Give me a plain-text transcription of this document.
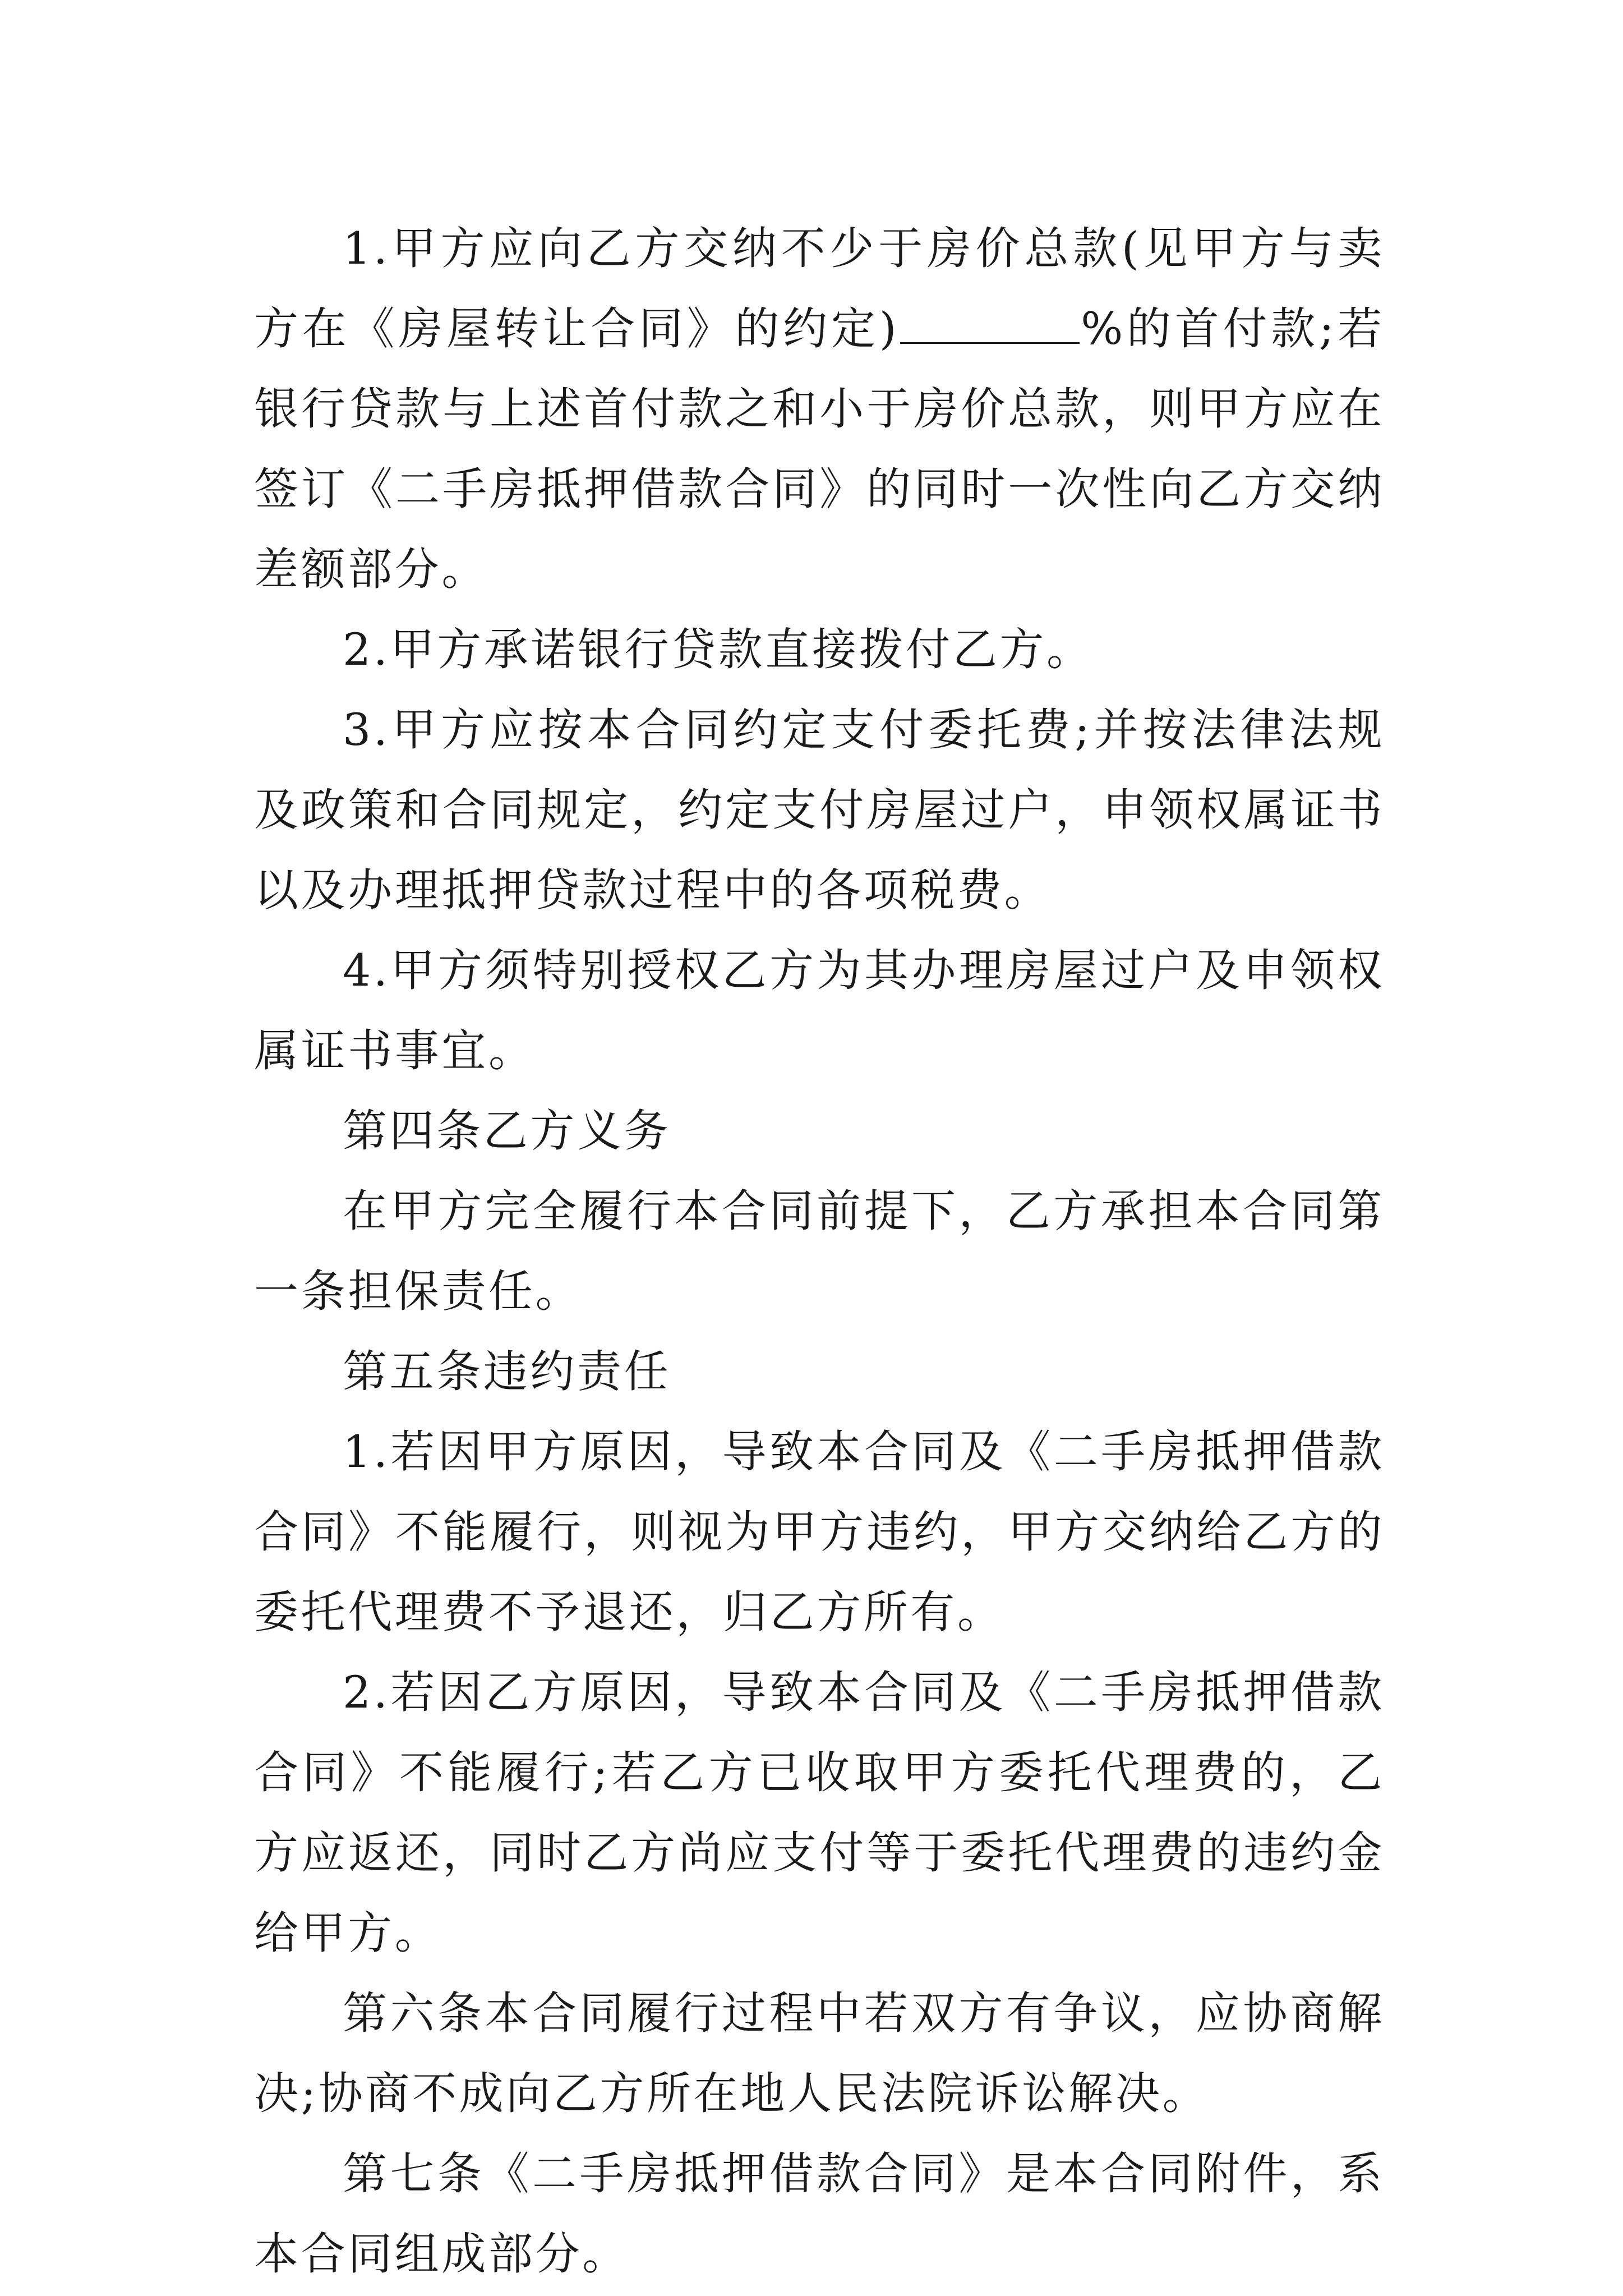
1.甲方应向乙方交纳不少于房价总款(见甲方与卖方在《房屋转让合同》的约定)	%的首付款;若银行贷款与上述首付款之和小于房价总款，则甲方应在签订《二手房抵押借款合同》的同时一次性向乙方交纳差额部分。

2.甲方承诺银行贷款直接拨付乙方。

3.甲方应按本合同约定支付委托费;并按法律法规及政策和合同规定，约定支付房屋过户，申领权属证书以及办理抵押贷款过程中的各项税费。

4.甲方须特别授权乙方为其办理房屋过户及申领权属证书事宜。

第四条乙方义务

在甲方完全履行本合同前提下，乙方承担本合同第一条担保责任。

第五条违约责任

1.若因甲方原因，导致本合同及《二手房抵押借款合同》不能履行，则视为甲方违约，甲方交纳给乙方的委托代理费不予退还，归乙方所有。

2.若因乙方原因，导致本合同及《二手房抵押借款合同》不能履行;若乙方已收取甲方委托代理费的，乙方应返还，同时乙方尚应支付等于委托代理费的违约金给甲方。

第六条本合同履行过程中若双方有争议，应协商解决;协商不成向乙方所在地人民法院诉讼解决。

第七条《二手房抵押借款合同》是本合同附件，系本合同组成部分。
